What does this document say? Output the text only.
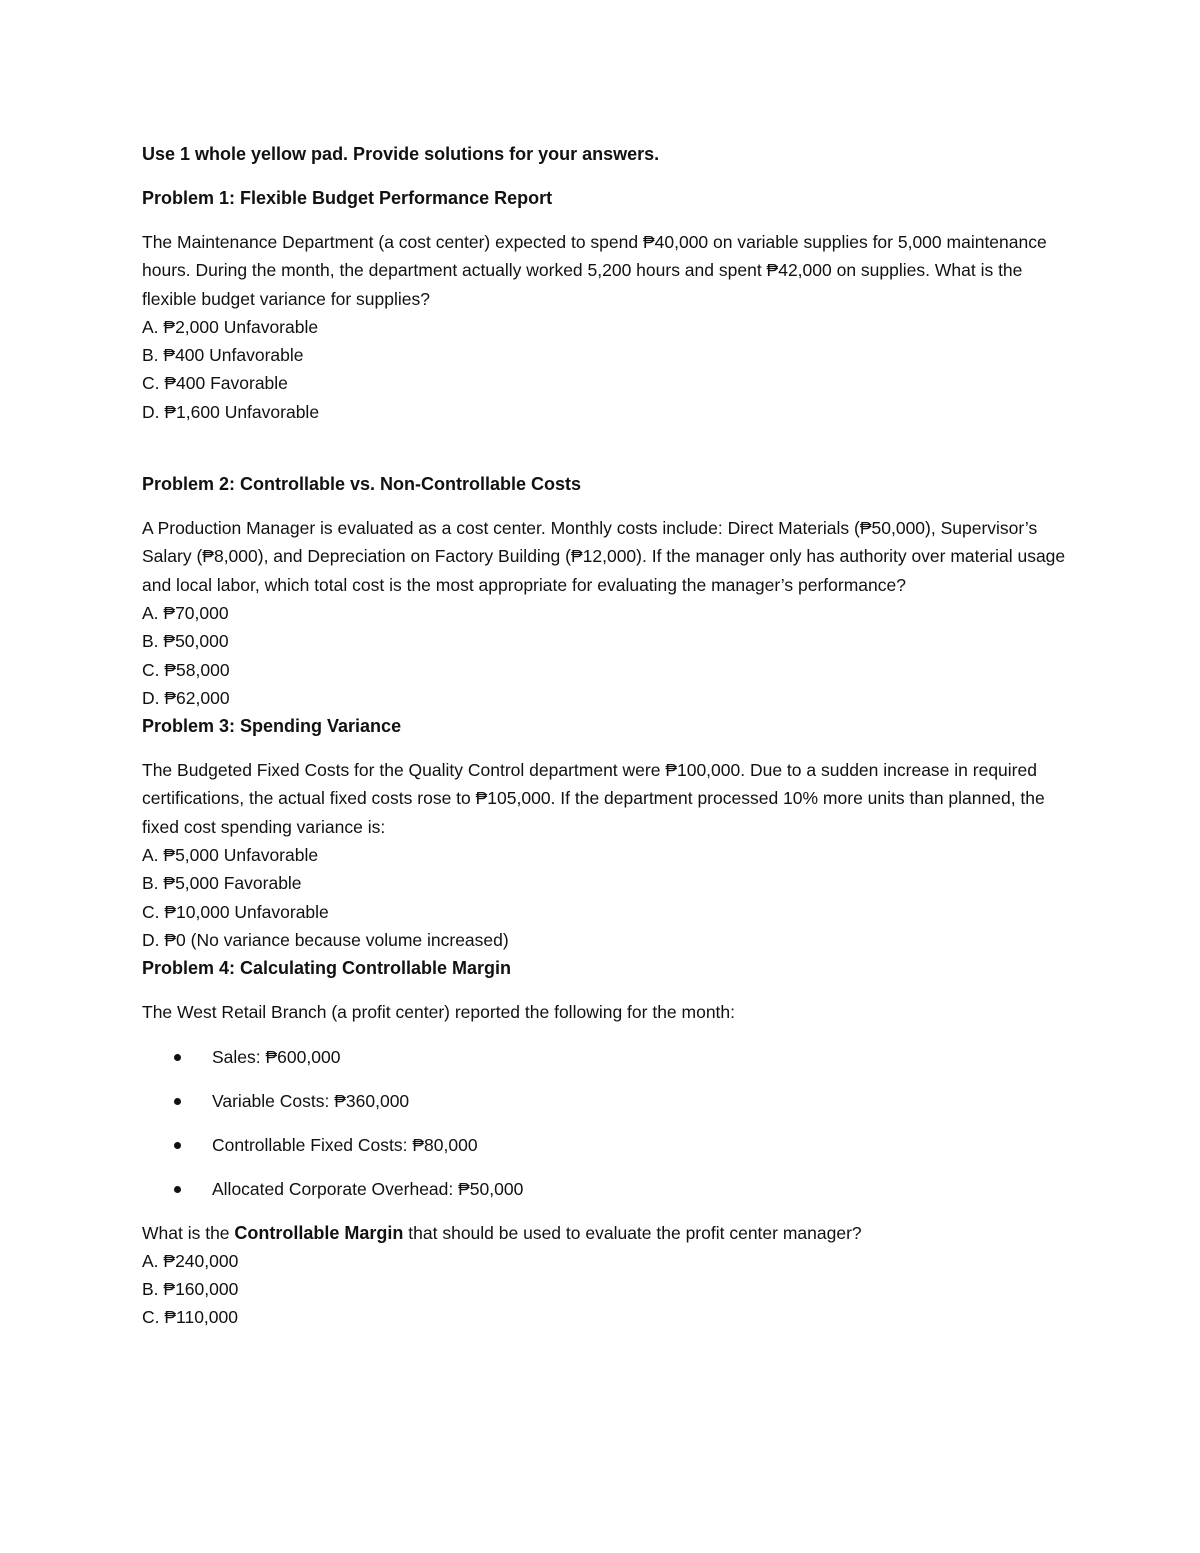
Use 1 whole yellow pad. Provide solutions for your answers.

Problem 1: Flexible Budget Performance Report

The Maintenance Department (a cost center) expected to spend ₱40,000 on variable supplies for 5,000 maintenance hours. During the month, the department actually worked 5,200 hours and spent ₱42,000 on supplies. What is the flexible budget variance for supplies?

A. ₱2,000 Unfavorable
B. ₱400 Unfavorable
C. ₱400 Favorable
D. ₱1,600 Unfavorable

Problem 2: Controllable vs. Non-Controllable Costs

A Production Manager is evaluated as a cost center. Monthly costs include: Direct Materials (₱50,000), Supervisor’s Salary (₱8,000), and Depreciation on Factory Building (₱12,000). If the manager only has authority over material usage and local labor, which total cost is the most appropriate for evaluating the manager’s performance?

A. ₱70,000
B. ₱50,000
C. ₱58,000
D. ₱62,000

Problem 3: Spending Variance

The Budgeted Fixed Costs for the Quality Control department were ₱100,000. Due to a sudden increase in required certifications, the actual fixed costs rose to ₱105,000. If the department processed 10% more units than planned, the fixed cost spending variance is:

A. ₱5,000 Unfavorable
B. ₱5,000 Favorable
C. ₱10,000 Unfavorable
D. ₱0 (No variance because volume increased)

Problem 4: Calculating Controllable Margin

The West Retail Branch (a profit center) reported the following for the month:

Sales: ₱600,000
Variable Costs: ₱360,000
Controllable Fixed Costs: ₱80,000
Allocated Corporate Overhead: ₱50,000

What is the Controllable Margin that should be used to evaluate the profit center manager?

A. ₱240,000
B. ₱160,000
C. ₱110,000
